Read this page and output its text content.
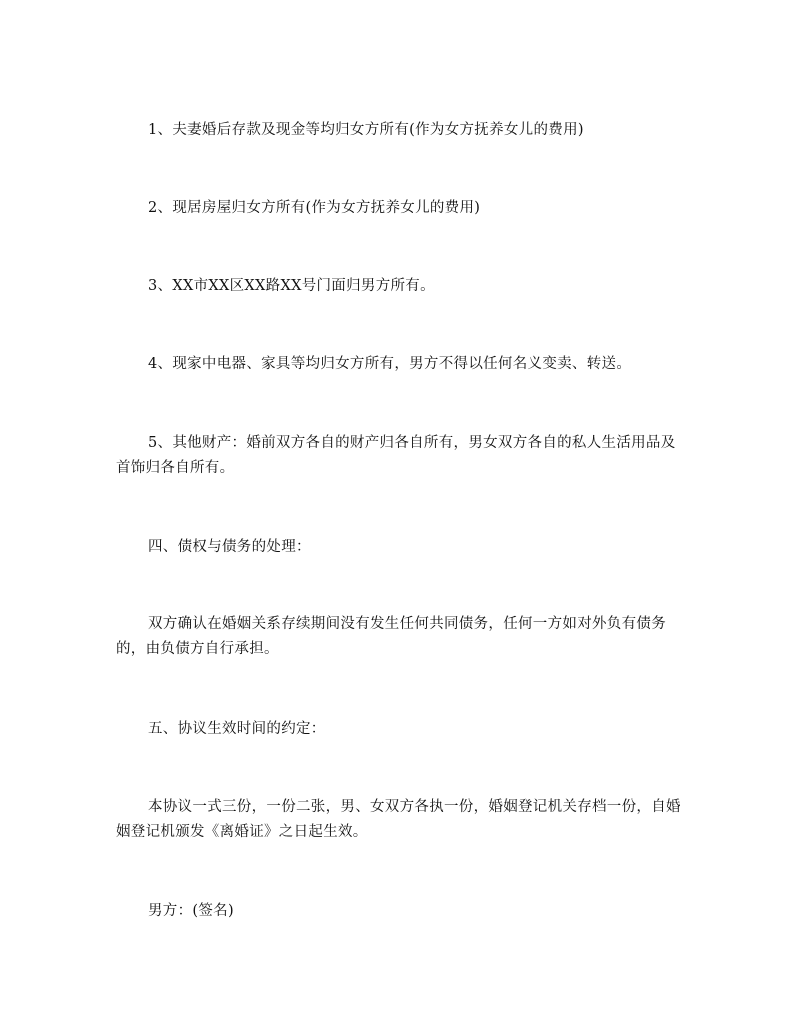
1、夫妻婚后存款及现金等均归女方所有(作为女方抚养女儿的费用)

2、现居房屋归女方所有(作为女方抚养女儿的费用)

3、XX市XX区XX路XX号门面归男方所有。

4、现家中电器、家具等均归女方所有，男方不得以任何名义变卖、转送。

5、其他财产：婚前双方各自的财产归各自所有，男女双方各自的私人生活用品及首饰归各自所有。

四、债权与债务的处理：

双方确认在婚姻关系存续期间没有发生任何共同债务，任何一方如对外负有债务的，由负债方自行承担。

五、协议生效时间的约定：

本协议一式三份，一份二张，男、女双方各执一份，婚姻登记机关存档一份，自婚姻登记机颁发《离婚证》之日起生效。

男方：(签名)
